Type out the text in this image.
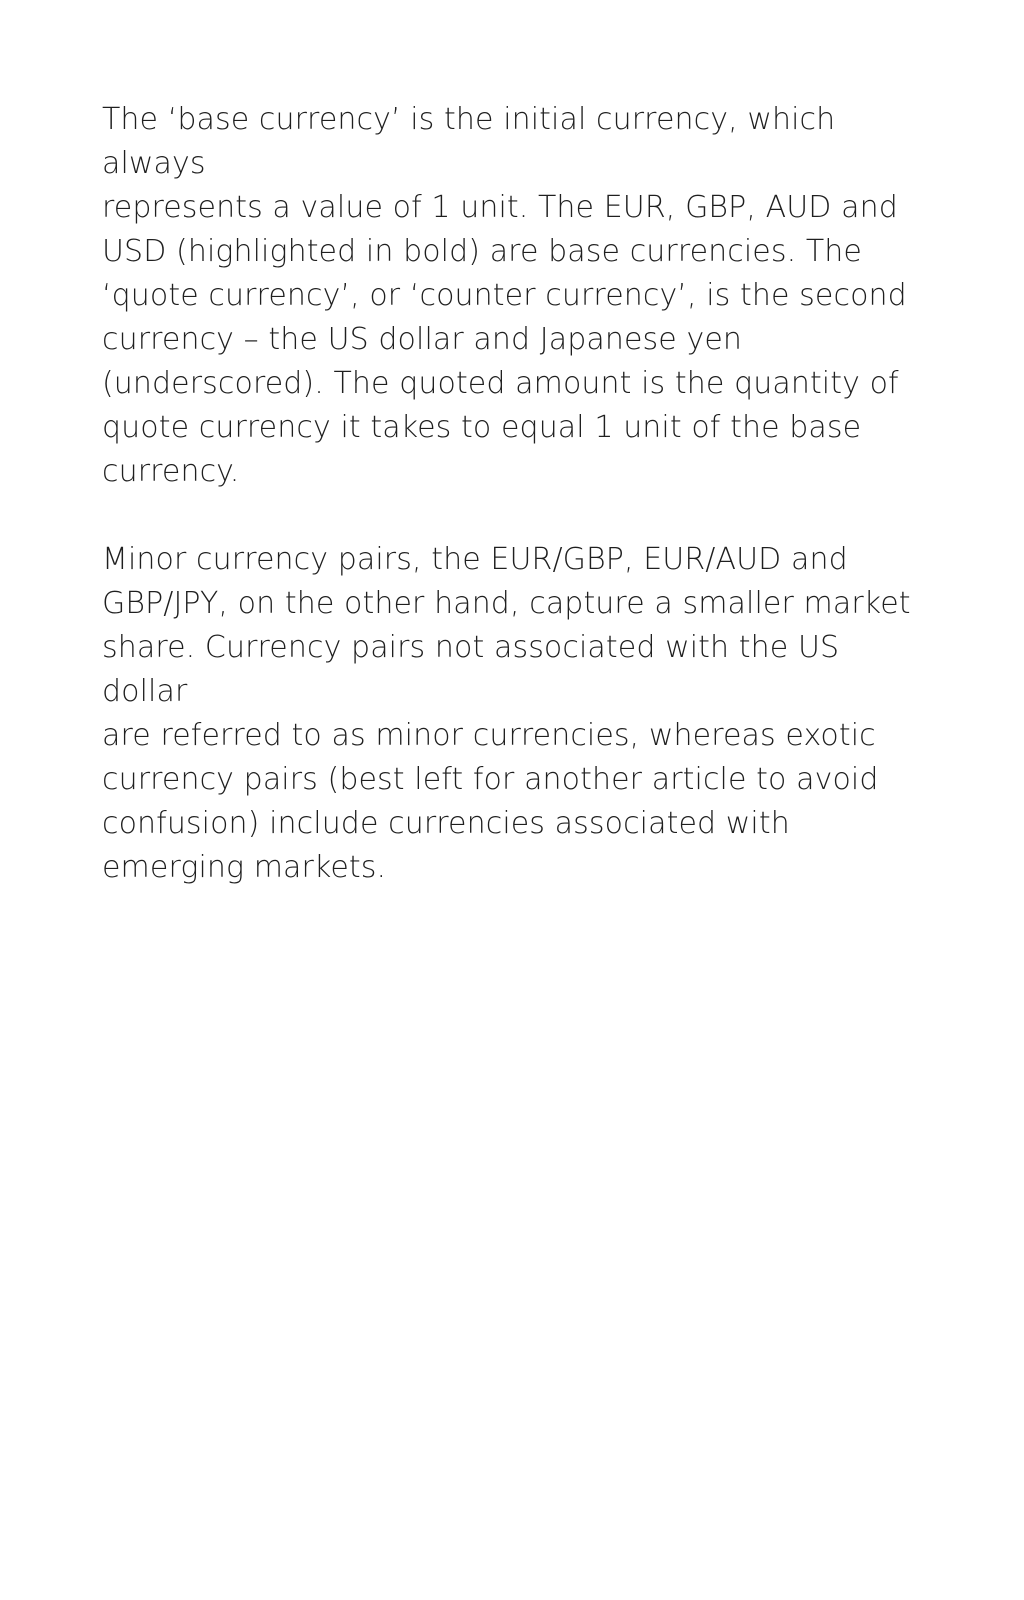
The ‘base currency’ is the initial currency, which always
represents a value of 1 unit. The EUR, GBP, AUD and
USD (highlighted in bold) are base currencies. The
‘quote currency’, or ‘counter currency’, is the second
currency – the US dollar and Japanese yen
(underscored). The quoted amount is the quantity of
quote currency it takes to equal 1 unit of the base
currency.

Minor currency pairs, the EUR/GBP, EUR/AUD and
GBP/JPY, on the other hand, capture a smaller market
share. Currency pairs not associated with the US dollar
are referred to as minor currencies, whereas exotic
currency pairs (best left for another article to avoid
confusion) include currencies associated with
emerging markets.
